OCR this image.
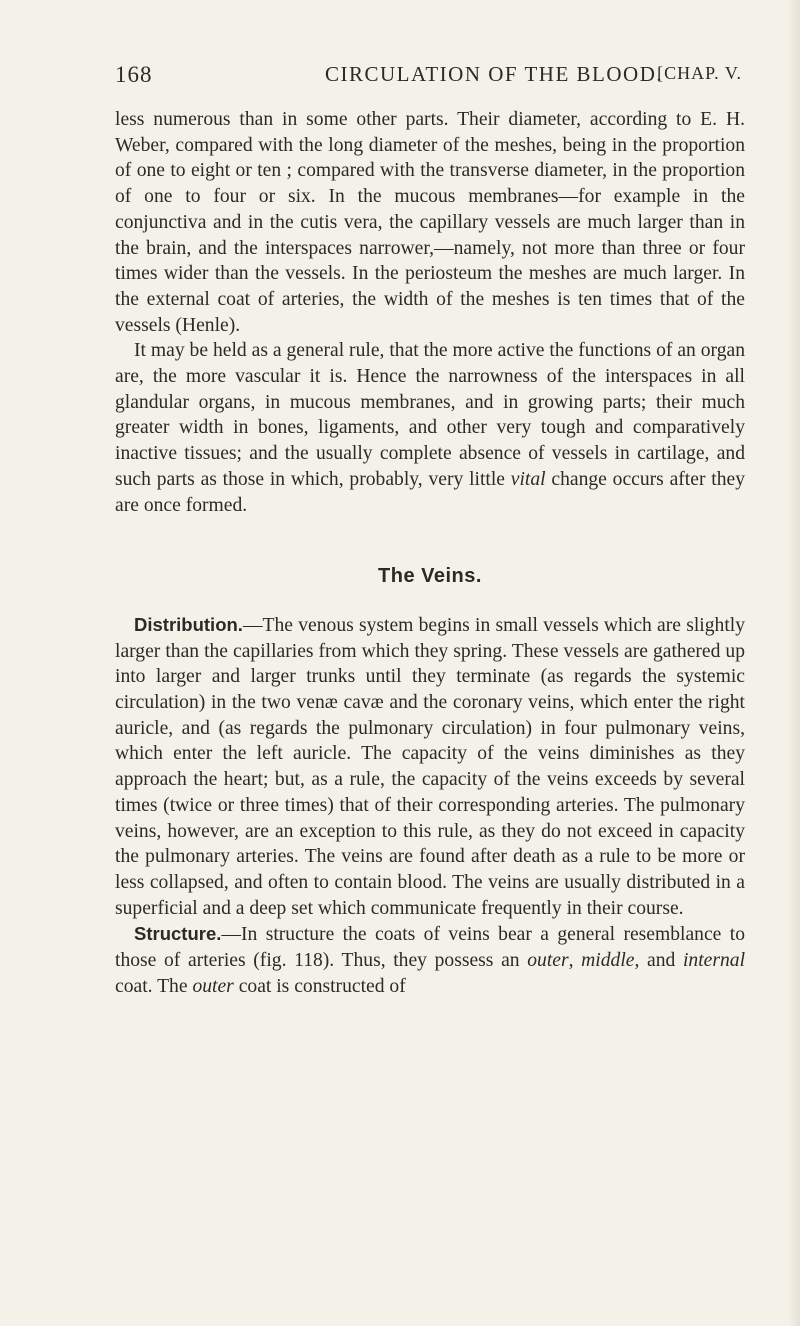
168	CIRCULATION OF THE BLOOD.
[CHAP. V.

less numerous than in some other parts. Their diameter, according to E. H. Weber, compared with the long diameter of the meshes, being in the proportion of one to eight or ten ; compared with the transverse diameter, in the proportion of one to four or six. In the mucous membranes—for example in the conjunctiva and in the cutis vera, the capillary vessels are much larger than in the brain, and the interspaces narrower,—namely, not more than three or four times wider than the vessels. In the periosteum the meshes are much larger. In the external coat of arteries, the width of the meshes is ten times that of the vessels (Henle).

It may be held as a general rule, that the more active the functions of an organ are, the more vascular it is. Hence the narrowness of the interspaces in all glandular organs, in mucous membranes, and in growing parts; their much greater width in bones, ligaments, and other very tough and comparatively inactive tissues; and the usually complete absence of vessels in cartilage, and such parts as those in which, probably, very little vital change occurs after they are once formed.

The Veins.

Distribution.—The venous system begins in small vessels which are slightly larger than the capillaries from which they spring. These vessels are gathered up into larger and larger trunks until they terminate (as regards the systemic circulation) in the two venæ cavæ and the coronary veins, which enter the right auricle, and (as regards the pulmonary circulation) in four pulmonary veins, which enter the left auricle. The capacity of the veins diminishes as they approach the heart; but, as a rule, the capacity of the veins exceeds by several times (twice or three times) that of their corresponding arteries. The pulmonary veins, however, are an exception to this rule, as they do not exceed in capacity the pulmonary arteries. The veins are found after death as a rule to be more or less collapsed, and often to contain blood. The veins are usually distributed in a superficial and a deep set which communicate frequently in their course.

Structure.—In structure the coats of veins bear a general resemblance to those of arteries (fig. 118). Thus, they possess an outer, middle, and internal coat. The outer coat is constructed of
